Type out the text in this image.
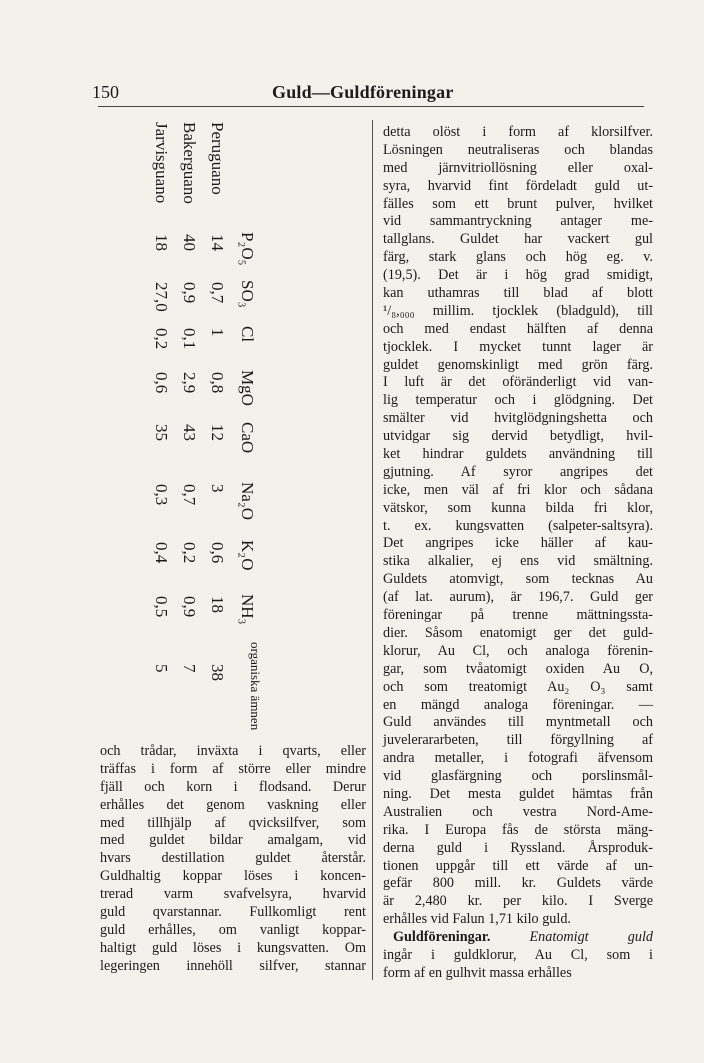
150	Guld—Guldföreningar
P₂O₅
SO₃
Cl
MgO
CaO
Na₂O
K₂O
NH₃
organiska ämnen
Peruguano
14
0,7
1
0,8
12
3
0,6
18
38
Bakerguano
40
0,9
0,1
2,9
43
0,7
0,2
0,9
7
Jarvisguano
18
27,0
0,2
0,6
35
0,3
0,4
0,5
5
och trådar, inväxta i qvarts, eller
träffas i form af större eller mindre
fjäll och korn i flodsand. Derur
erhålles det genom vaskning eller
med tillhjälp af qvicksilfver, som
med guldet bildar amalgam, vid
hvars destillation guldet återstår.
Guldhaltig koppar löses i koncen-
trerad varm svafvelsyra, hvarvid
guld qvarstannar. Fullkomligt rent
guld erhålles, om vanligt koppar-
haltigt guld löses i kungsvatten. Om
legeringen innehöll silfver, stannar
detta olöst i form af klorsilfver.
Lösningen neutraliseras och blandas
med järnvitriollösning eller oxal-
syra, hvarvid fint fördeladt guld ut-
fälles som ett brunt pulver, hvilket
vid sammantryckning antager me-
tallglans. Guldet har vackert gul
färg, stark glans och hög eg. v.
(19,5). Det är i hög grad smidigt,
kan uthamras till blad af blott
¹/₈,₀₀₀ millim. tjocklek (bladguld), till
och med endast hälften af denna
tjocklek. I mycket tunnt lager är
guldet genomskinligt med grön färg.
I luft är det oföränderligt vid van-
lig temperatur och i glödgning. Det
smälter vid hvitglödgningshetta och
utvidgar sig dervid betydligt, hvil-
ket hindrar guldets användning till
gjutning. Af syror angripes det
icke, men väl af fri klor och sådana
vätskor, som kunna bilda fri klor,
t. ex. kungsvatten (salpeter-saltsyra).
Det angripes icke häller af kau-
stika alkalier, ej ens vid smältning.
Guldets atomvigt, som tecknas Au
(af lat. aurum), är 196,7. Guld ger
föreningar på trenne mättningssta-
dier. Såsom enatomigt ger det guld-
klorur, Au Cl, och analoga förenin-
gar, som tvåatomigt oxiden Au O,
och som treatomigt Au₂ O₃ samt
en mängd analoga föreningar. —
Guld användes till myntmetall och
juvelerararbeten, till förgyllning af
andra metaller, i fotografi äfvensom
vid glasfärgning och porslinsmål-
ning. Det mesta guldet hämtas från
Australien och vestra Nord-Ame-
rika. I Europa fås de största mäng-
derna guld i Ryssland. Årsproduk-
tionen uppgår till ett värde af un-
gefär 800 mill. kr. Guldets värde
är 2,480 kr. per kilo. I Sverge
erhålles vid Falun 1,71 kilo guld.
Guldföreningar.	Enatomigt guld
ingår i guldklorur, Au Cl, som i
form af en gulhvit massa erhålles
